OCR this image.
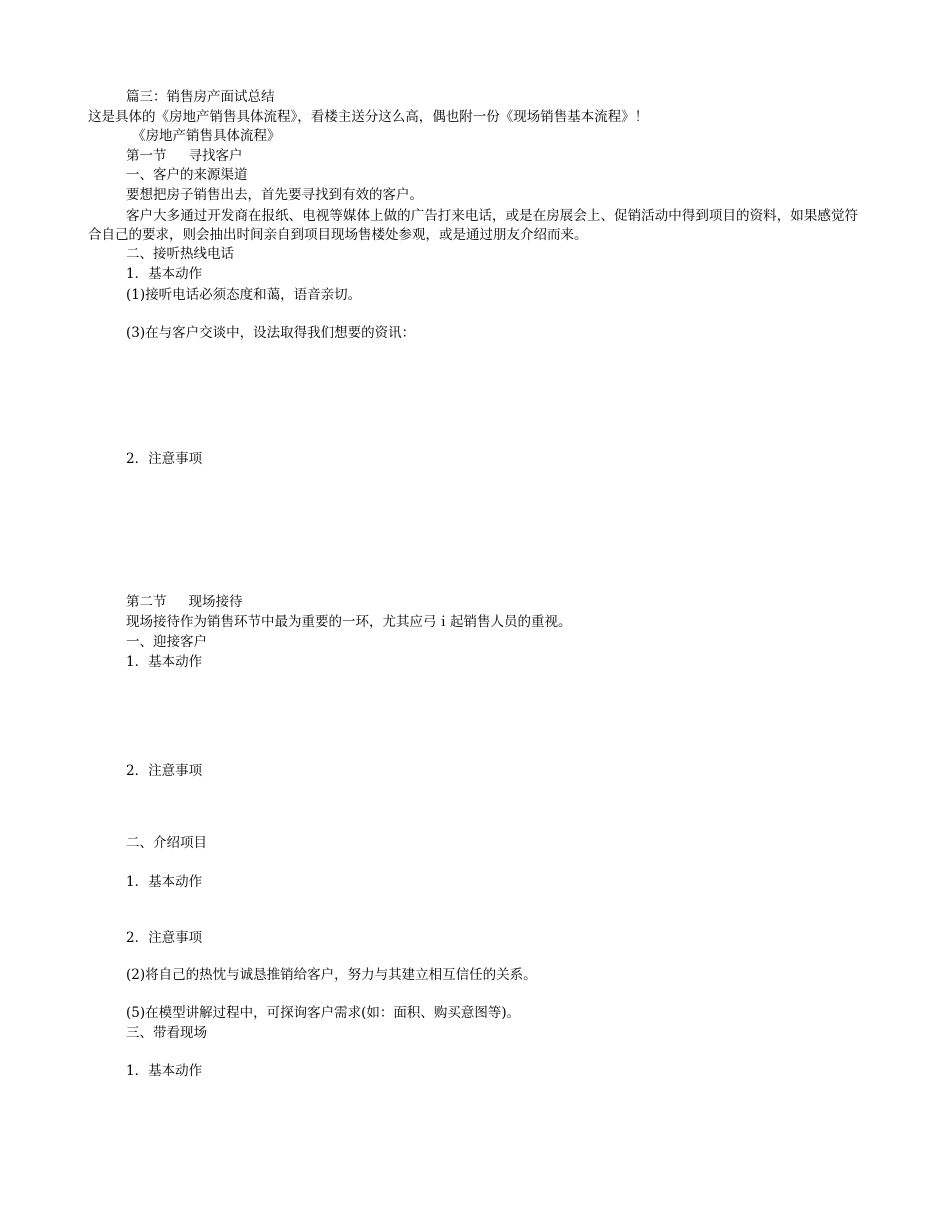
篇三：销售房产面试总结

这是具体的《房地产销售具体流程》，看楼主送分这么高，偶也附一份《现场销售基本流程》！

《房地产销售具体流程》

第一节 寻找客户

一、客户的来源渠道

要想把房子销售出去，首先要寻找到有效的客户。

客户大多通过开发商在报纸、电视等媒体上做的广告打来电话，或是在房展会上、促销活动中得到项目的资料，如果感觉符合自己的要求，则会抽出时间亲自到项目现场售楼处参观，或是通过朋友介绍而来。

二、接听热线电话

1．基本动作

(1)接听电话必须态度和蔼，语音亲切。

(3)在与客户交谈中，设法取得我们想要的资讯：

2．注意事项

第二节 现场接待

现场接待作为销售环节中最为重要的一环，尤其应弓ｉ起销售人员的重视。

一、迎接客户

1．基本动作

2．注意事项

二、介绍项目

1．基本动作

2．注意事项

(2)将自己的热忱与诚恳推销给客户，努力与其建立相互信任的关系。

(5)在模型讲解过程中，可探询客户需求(如：面积、购买意图等)。

三、带看现场

1．基本动作
